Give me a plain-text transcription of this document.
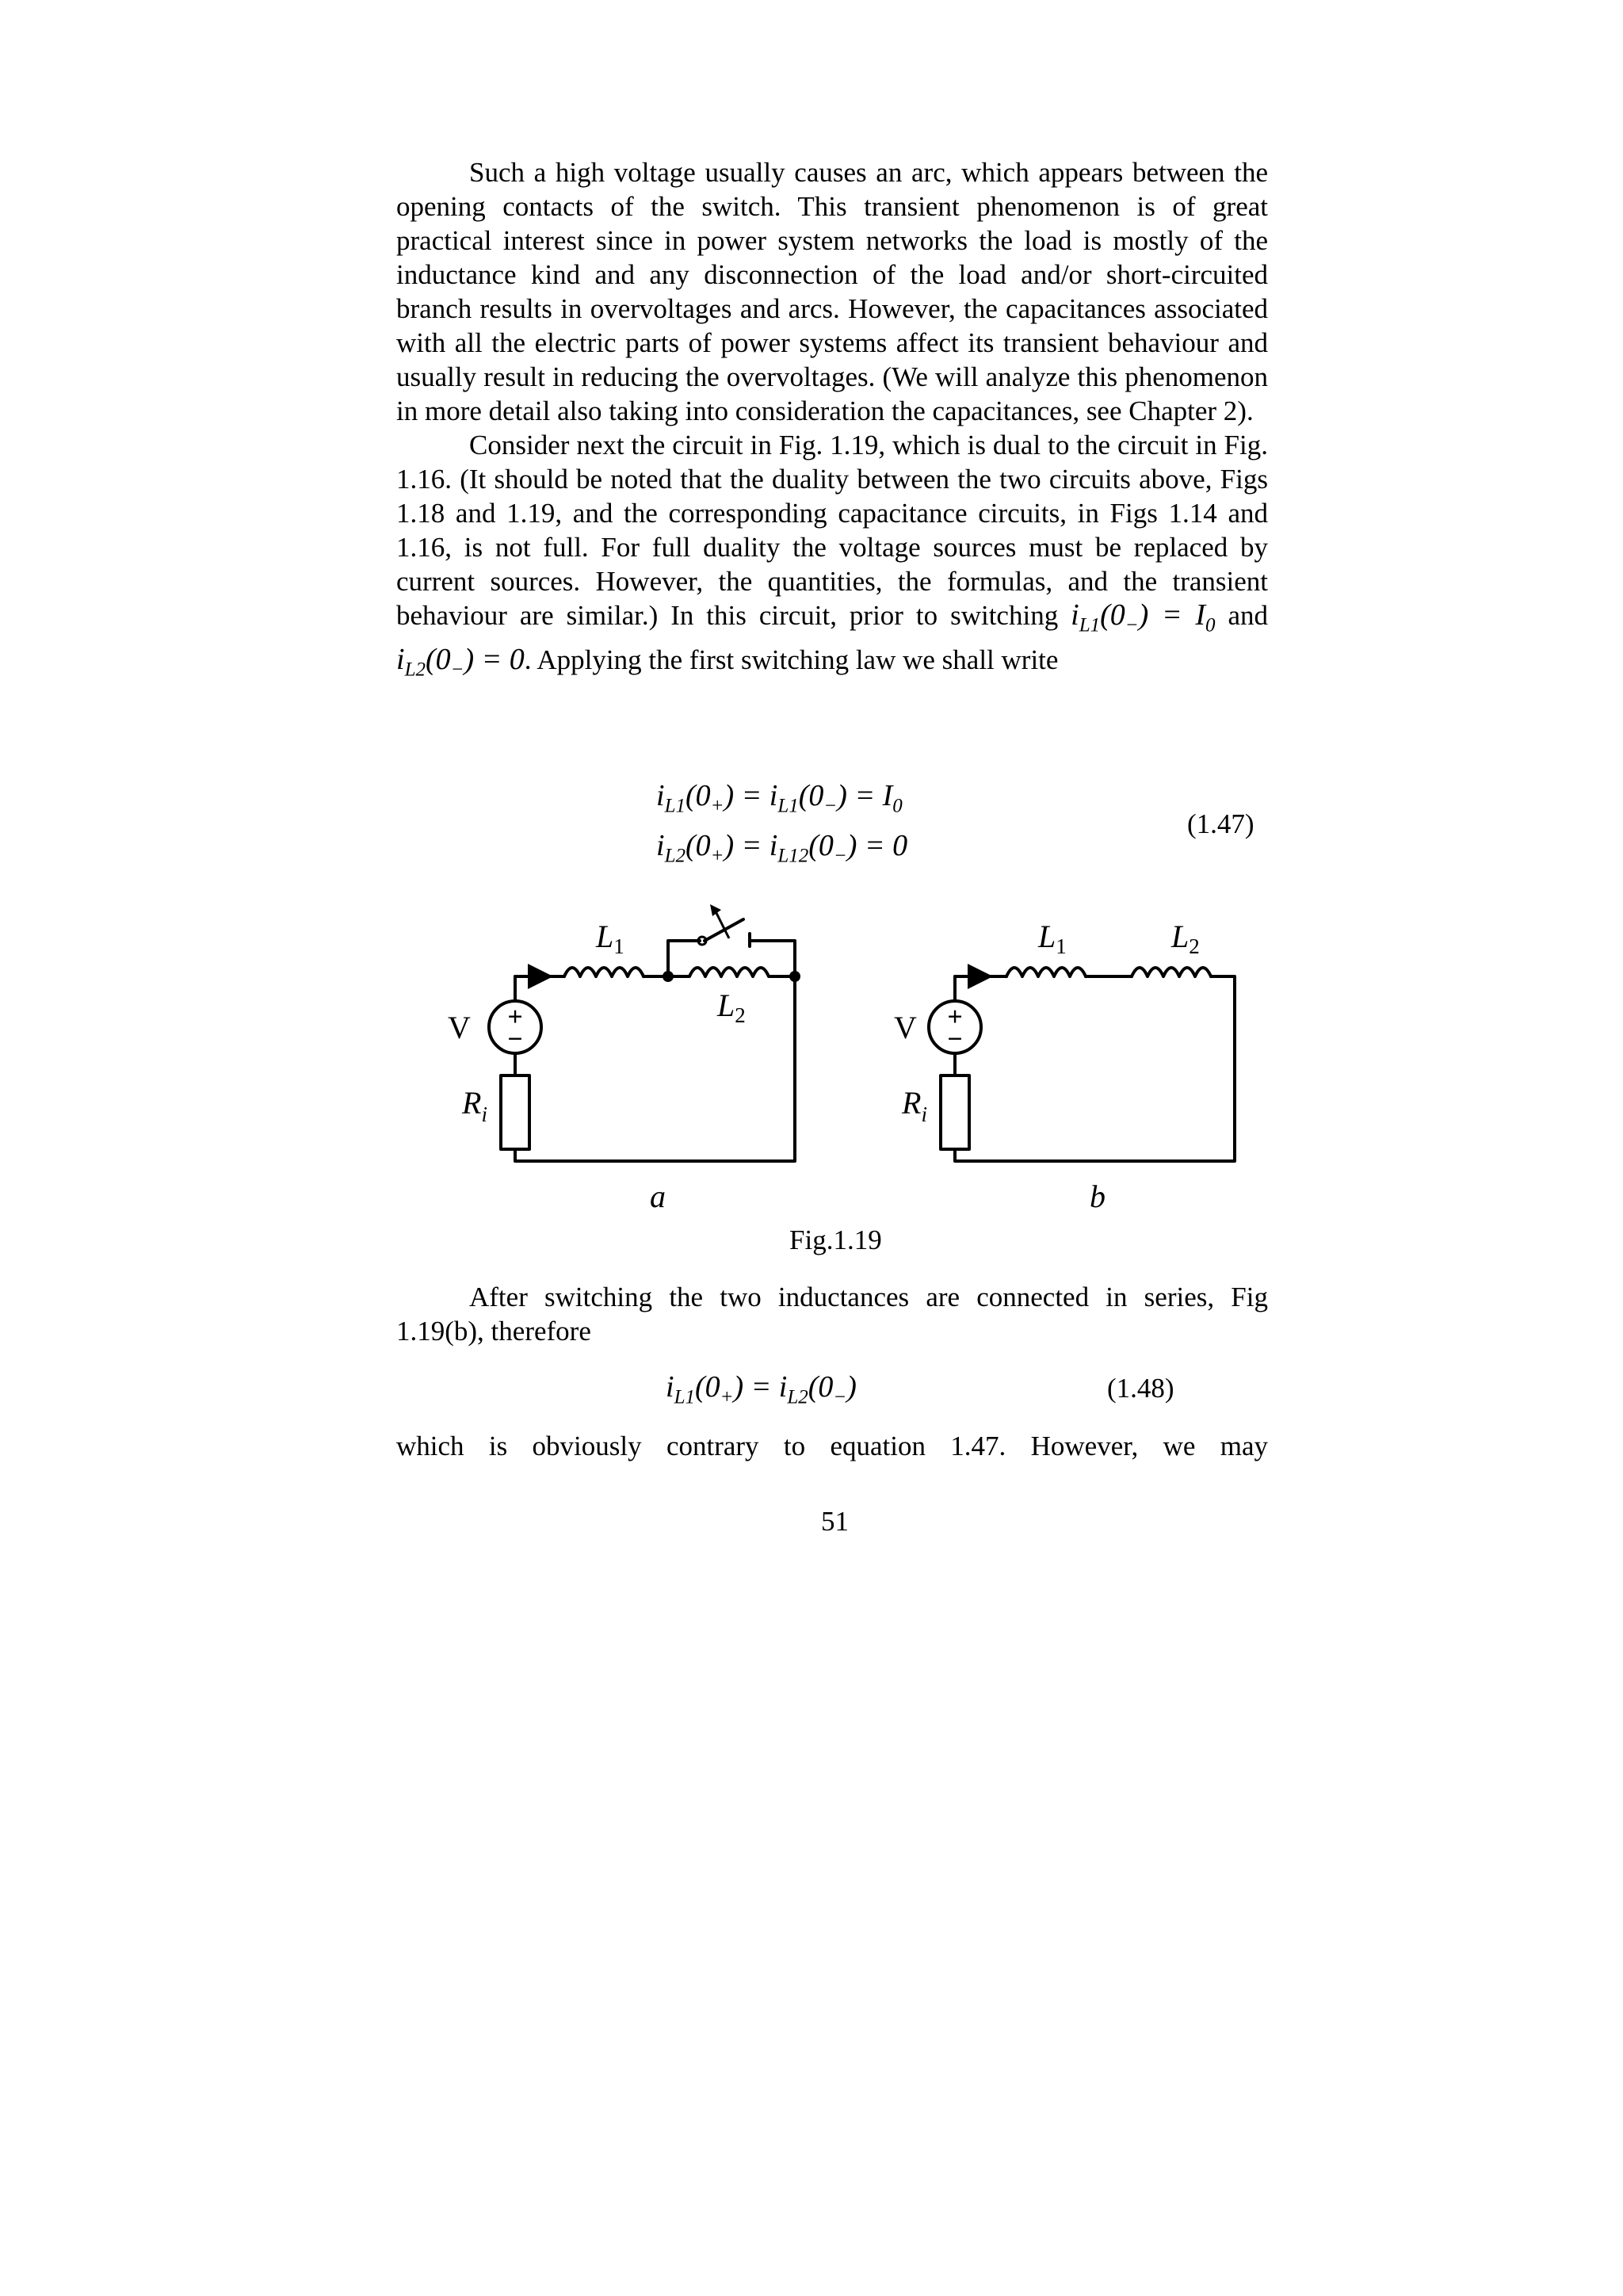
Such a high voltage usually causes an arc, which appears between the opening contacts of the switch. This transient phenomenon is of great practical interest since in power system networks the load is mostly of the inductance kind and any disconnection of the load and/or short-circuited branch results in overvoltages and arcs. However, the capacitances associated with all the electric parts of power systems affect its transient behaviour and usually result in reducing the overvoltages. (We will analyze this phenomenon in more detail also taking into consideration the capacitances, see Chapter 2).

Consider next the circuit in Fig. 1.19, which is dual to the circuit in Fig. 1.16. (It should be noted that the duality between the two circuits above, Figs 1.18 and 1.19, and the corresponding capacitance circuits, in Figs 1.14 and 1.16, is not full. For full duality the voltage sources must be replaced by current sources. However, the quantities, the formulas, and the transient behaviour are similar.) In this circuit, prior to switching $i_{L1}(0_-) = I_0$ and $i_{L2}(0_-) = 0$. Applying the first switching law we shall write

$i_{L1}(0_+) = i_{L1}(0_-) = I_0$
$i_{L2}(0_+) = i_{L12}(0_-) = 0$
(1.47)
+
−
+
−
$L_1$
$L_2$
V
$R_i$
a
$L_1$	$L_2$
V
$R_i$
b
Fig.1.19

After switching the two inductances are connected in series, Fig 1.19(b), therefore

$i_{L1}(0_+) = i_{L2}(0_-)$	(1.48)
which is obviously contrary to equation 1.47. However, we may
51
